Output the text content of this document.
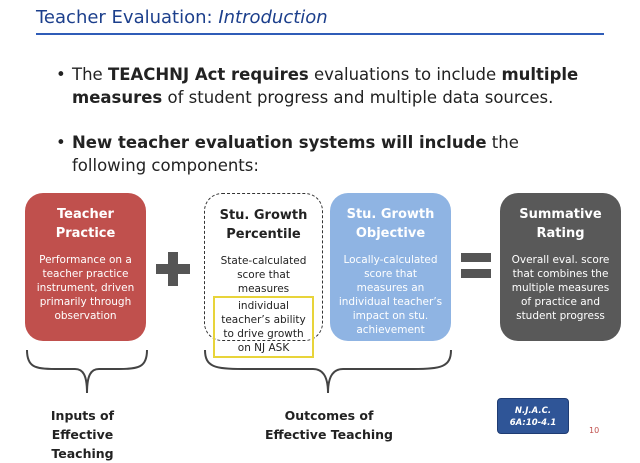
Teacher Evaluation: Introduction
• The TEACHNJ Act requires evaluations to include multiple measures of student progress and multiple data sources.
• New teacher evaluation systems will include the following components:
Teacher Practice
Performance on a teacher practice instrument, driven primarily through observation
Stu. Growth Percentile
State-calculated score that measures individual teacher’s ability to drive growth on NJ ASK
Stu. Growth Objective
Locally-calculated score that measures an individual teacher’s impact on stu. achievement
Summative Rating
Overall eval. score that combines the multiple measures of practice and student progress
Inputs of Effective Teaching
Outcomes of Effective Teaching
N.J.A.C.
6A:10-4.1
10
